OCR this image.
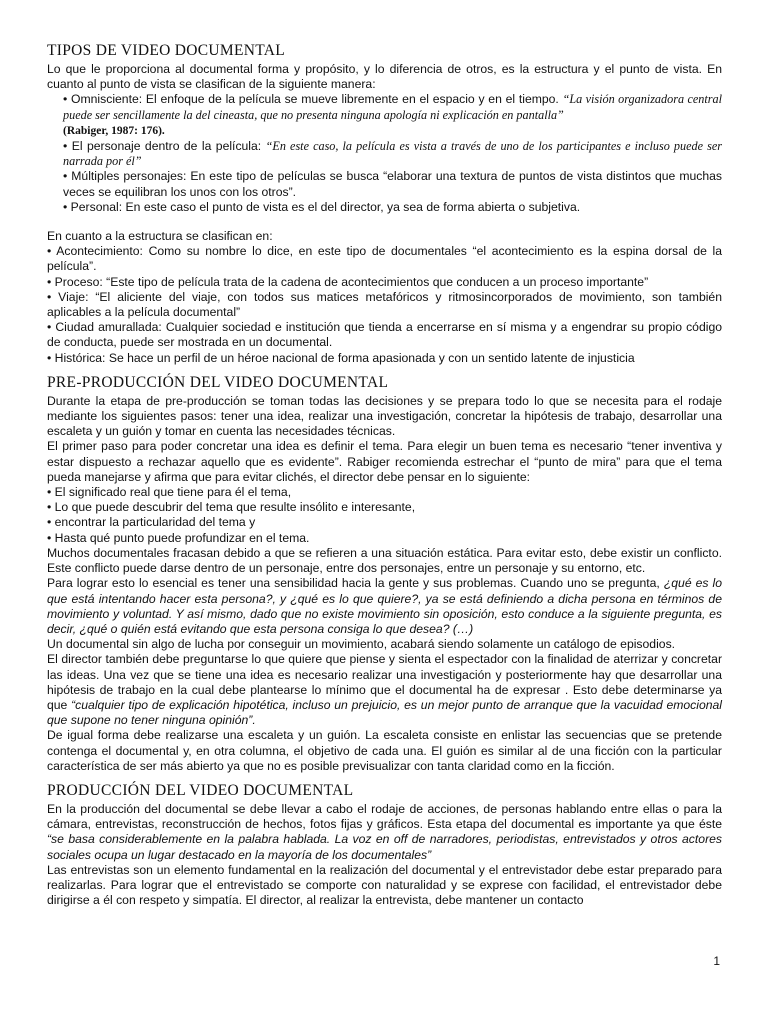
TIPOS DE VIDEO DOCUMENTAL

Lo que le proporciona al documental forma y propósito, y lo diferencia de otros, es la estructura y el punto de vista. En cuanto al punto de vista se clasifican de la siguiente manera:

• Omnisciente: El enfoque de la película se mueve libremente en el espacio y en el tiempo. “La visión organizadora central puede ser sencillamente la del cineasta, que no presenta ninguna apología ni explicación en pantalla”
(Rabiger, 1987: 176).

• El personaje dentro de la película: “En este caso, la película es vista a través de uno de los participantes e incluso puede ser narrada por él”

• Múltiples personajes: En este tipo de películas se busca “elaborar una textura de puntos de vista distintos que muchas veces se equilibran los unos con los otros”.

• Personal: En este caso el punto de vista es el del director, ya sea de forma abierta o subjetiva.

En cuanto a la estructura se clasifican en:

• Acontecimiento: Como su nombre lo dice, en este tipo de documentales “el acontecimiento es la espina dorsal de la película”.

• Proceso: “Este tipo de película trata de la cadena de acontecimientos que conducen a un proceso importante”

• Viaje: “El aliciente del viaje, con todos sus matices metafóricos y ritmosincorporados de movimiento, son también aplicables a la película documental”

• Ciudad amurallada: Cualquier sociedad e institución que tienda a encerrarse en sí misma y a engendrar su propio código de conducta, puede ser mostrada en un documental.

• Histórica: Se hace un perfil de un héroe nacional de forma apasionada y con un sentido latente de injusticia

PRE-PRODUCCIÓN DEL VIDEO DOCUMENTAL

Durante la etapa de pre-producción se toman todas las decisiones y se prepara todo lo que se necesita para el rodaje mediante los siguientes pasos: tener una idea, realizar una investigación, concretar la hipótesis de trabajo, desarrollar una escaleta y un guión y tomar en cuenta las necesidades técnicas.

El primer paso para poder concretar una idea es definir el tema. Para elegir un buen tema es necesario “tener inventiva y estar dispuesto a rechazar aquello que es evidente”. Rabiger recomienda estrechar el “punto de mira” para que el tema pueda manejarse y afirma que para evitar clichés, el director debe pensar en lo siguiente:

• El significado real que tiene para él el tema,

• Lo que puede descubrir del tema que resulte insólito e interesante,

• encontrar la particularidad del tema y

• Hasta qué punto puede profundizar en el tema.

Muchos documentales fracasan debido a que se refieren a una situación estática. Para evitar esto, debe existir un conflicto. Este conflicto puede darse dentro de un personaje, entre dos personajes, entre un personaje y su entorno, etc.

Para lograr esto lo esencial es tener una sensibilidad hacia la gente y sus problemas. Cuando uno se pregunta, ¿qué es lo que está intentando hacer esta persona?, y ¿qué es lo que quiere?, ya se está definiendo a dicha persona en términos de movimiento y voluntad. Y así mismo, dado que no existe movimiento sin oposición, esto conduce a la siguiente pregunta, es decir, ¿qué o quién está evitando que esta persona consiga lo que desea? (…)

Un documental sin algo de lucha por conseguir un movimiento, acabará siendo solamente un catálogo de episodios.

El director también debe preguntarse lo que quiere que piense y sienta el espectador con la finalidad de aterrizar y concretar las ideas. Una vez que se tiene una idea es necesario realizar una investigación y posteriormente hay que desarrollar una hipótesis de trabajo en la cual debe plantearse lo mínimo que el documental ha de expresar . Esto debe determinarse ya que “cualquier tipo de explicación hipotética, incluso un prejuicio, es un mejor punto de arranque que la vacuidad emocional que supone no tener ninguna opinión”.

De igual forma debe realizarse una escaleta y un guión. La escaleta consiste en enlistar las secuencias que se pretende contenga el documental y, en otra columna, el objetivo de cada una. El guión es similar al de una ficción con la particular característica de ser más abierto ya que no es posible previsualizar con tanta claridad como en la ficción.

PRODUCCIÓN DEL VIDEO DOCUMENTAL

En la producción del documental se debe llevar a cabo el rodaje de acciones, de personas hablando entre ellas o para la cámara, entrevistas, reconstrucción de hechos, fotos fijas y gráficos. Esta etapa del documental es importante ya que éste “se basa considerablemente en la palabra hablada. La voz en off de narradores, periodistas, entrevistados y otros actores sociales ocupa un lugar destacado en la mayoría de los documentales”

Las entrevistas son un elemento fundamental en la realización del documental y el entrevistador debe estar preparado para realizarlas. Para lograr que el entrevistado se comporte con naturalidad y se exprese con facilidad, el entrevistador debe dirigirse a él con respeto y simpatía. El director, al realizar la entrevista, debe mantener un contacto

1
